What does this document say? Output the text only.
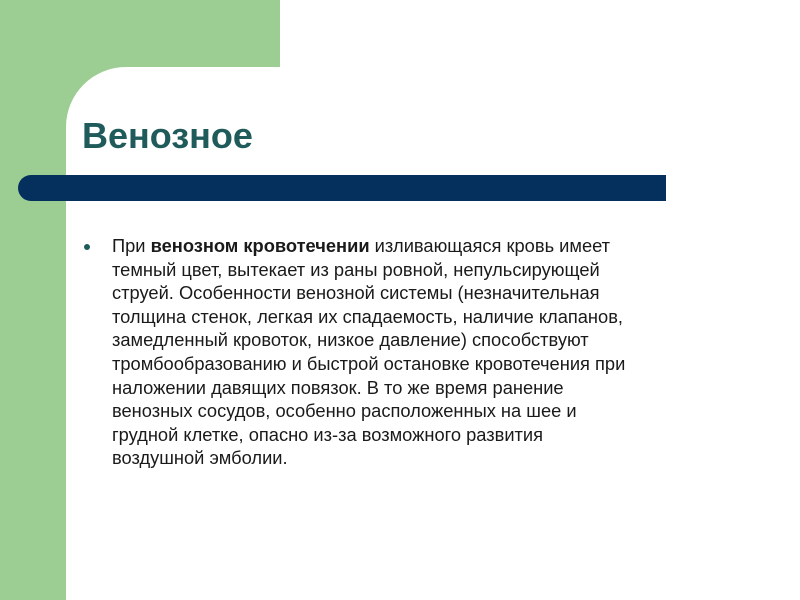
Венозное

При венозном кровотечении изливающаяся кровь имеет
темный цвет, вытекает из раны ровной, непульсирующей
струей. Особенности венозной системы (незначительная
толщина стенок, легкая их спадаемость, наличие клапанов,
замедленный кровоток, низкое давление) способствуют
тромбообразованию и быстрой остановке кровотечения при
наложении давящих повязок. В то же время ранение
венозных сосудов, особенно расположенных на шее и
грудной клетке, опасно из-за возможного развития
воздушной эмболии.
